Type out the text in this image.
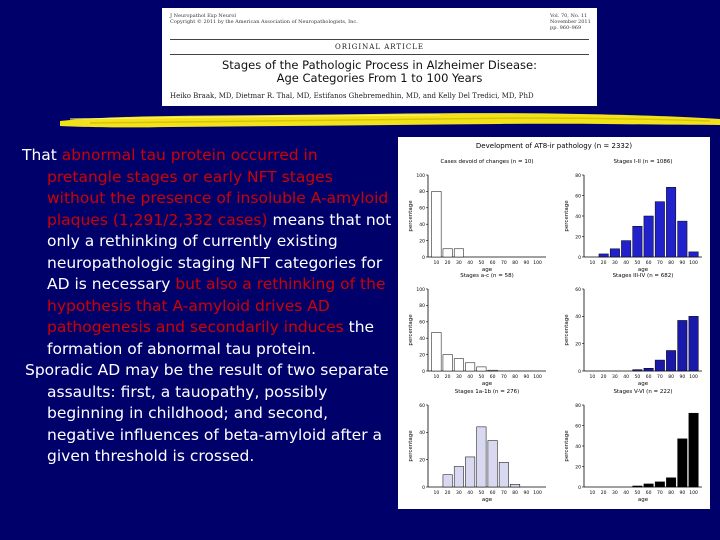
J Neuropathol Exp Neurol
Copyright © 2011 by the American Association of Neuropathologists, Inc.
Vol. 70, No. 11
November 2011
pp. 960–969
ORIGINAL ARTICLE
Stages of the Pathologic Process in Alzheimer Disease:
Age Categories From 1 to 100 Years
Heiko Braak, MD, Dietmar R. Thal, MD, Estifanos Ghebremedhin, MD, and Kelly Del Tredici, MD, PhD

That abnormal tau protein occurred in pretangle stages or early NFT stages without the presence of insoluble A-amyloid plaques (1,291/2,332 cases) means that not only a rethinking of currently existing neuropathologic staging NFT categories for AD is necessary but also a rethinking of the hypothesis that A-amyloid drives AD pathogenesis and secondarily induces the formation of abnormal tau protein.

Sporadic AD may be the result of two separate assaults: first, a tauopathy, possibly beginning in childhood; and second, negative influences of beta-amyloid after a given threshold is crossed.

Development of AT8-ir pathology (n = 2332)
Cases devoid of changes (n = 10)
0
20
40
60
80
100
percentage
10 20 30 40 50 60 70 80 90 100
age
Stages I-II (n = 1086)
0
20
40
60
80
percentage
10 20 30 40 50 60 70 80 90 100
age
Stages a-c (n = 58)
0
20
40
60
80
100
percentage
10 20 30 40 50 60 70 80 90 100
age
Stages III-IV (n = 682)
0
20
40
60
percentage
10 20 30 40 50 60 70 80 90 100
age
Stages 1a-1b (n = 276)
0
20
40
60
percentage
10 20 30 40 50 60 70 80 90 100
age
Stages V-VI (n = 222)
0
20
40
60
80
percentage
10 20 30 40 50 60 70 80 90 100
age
